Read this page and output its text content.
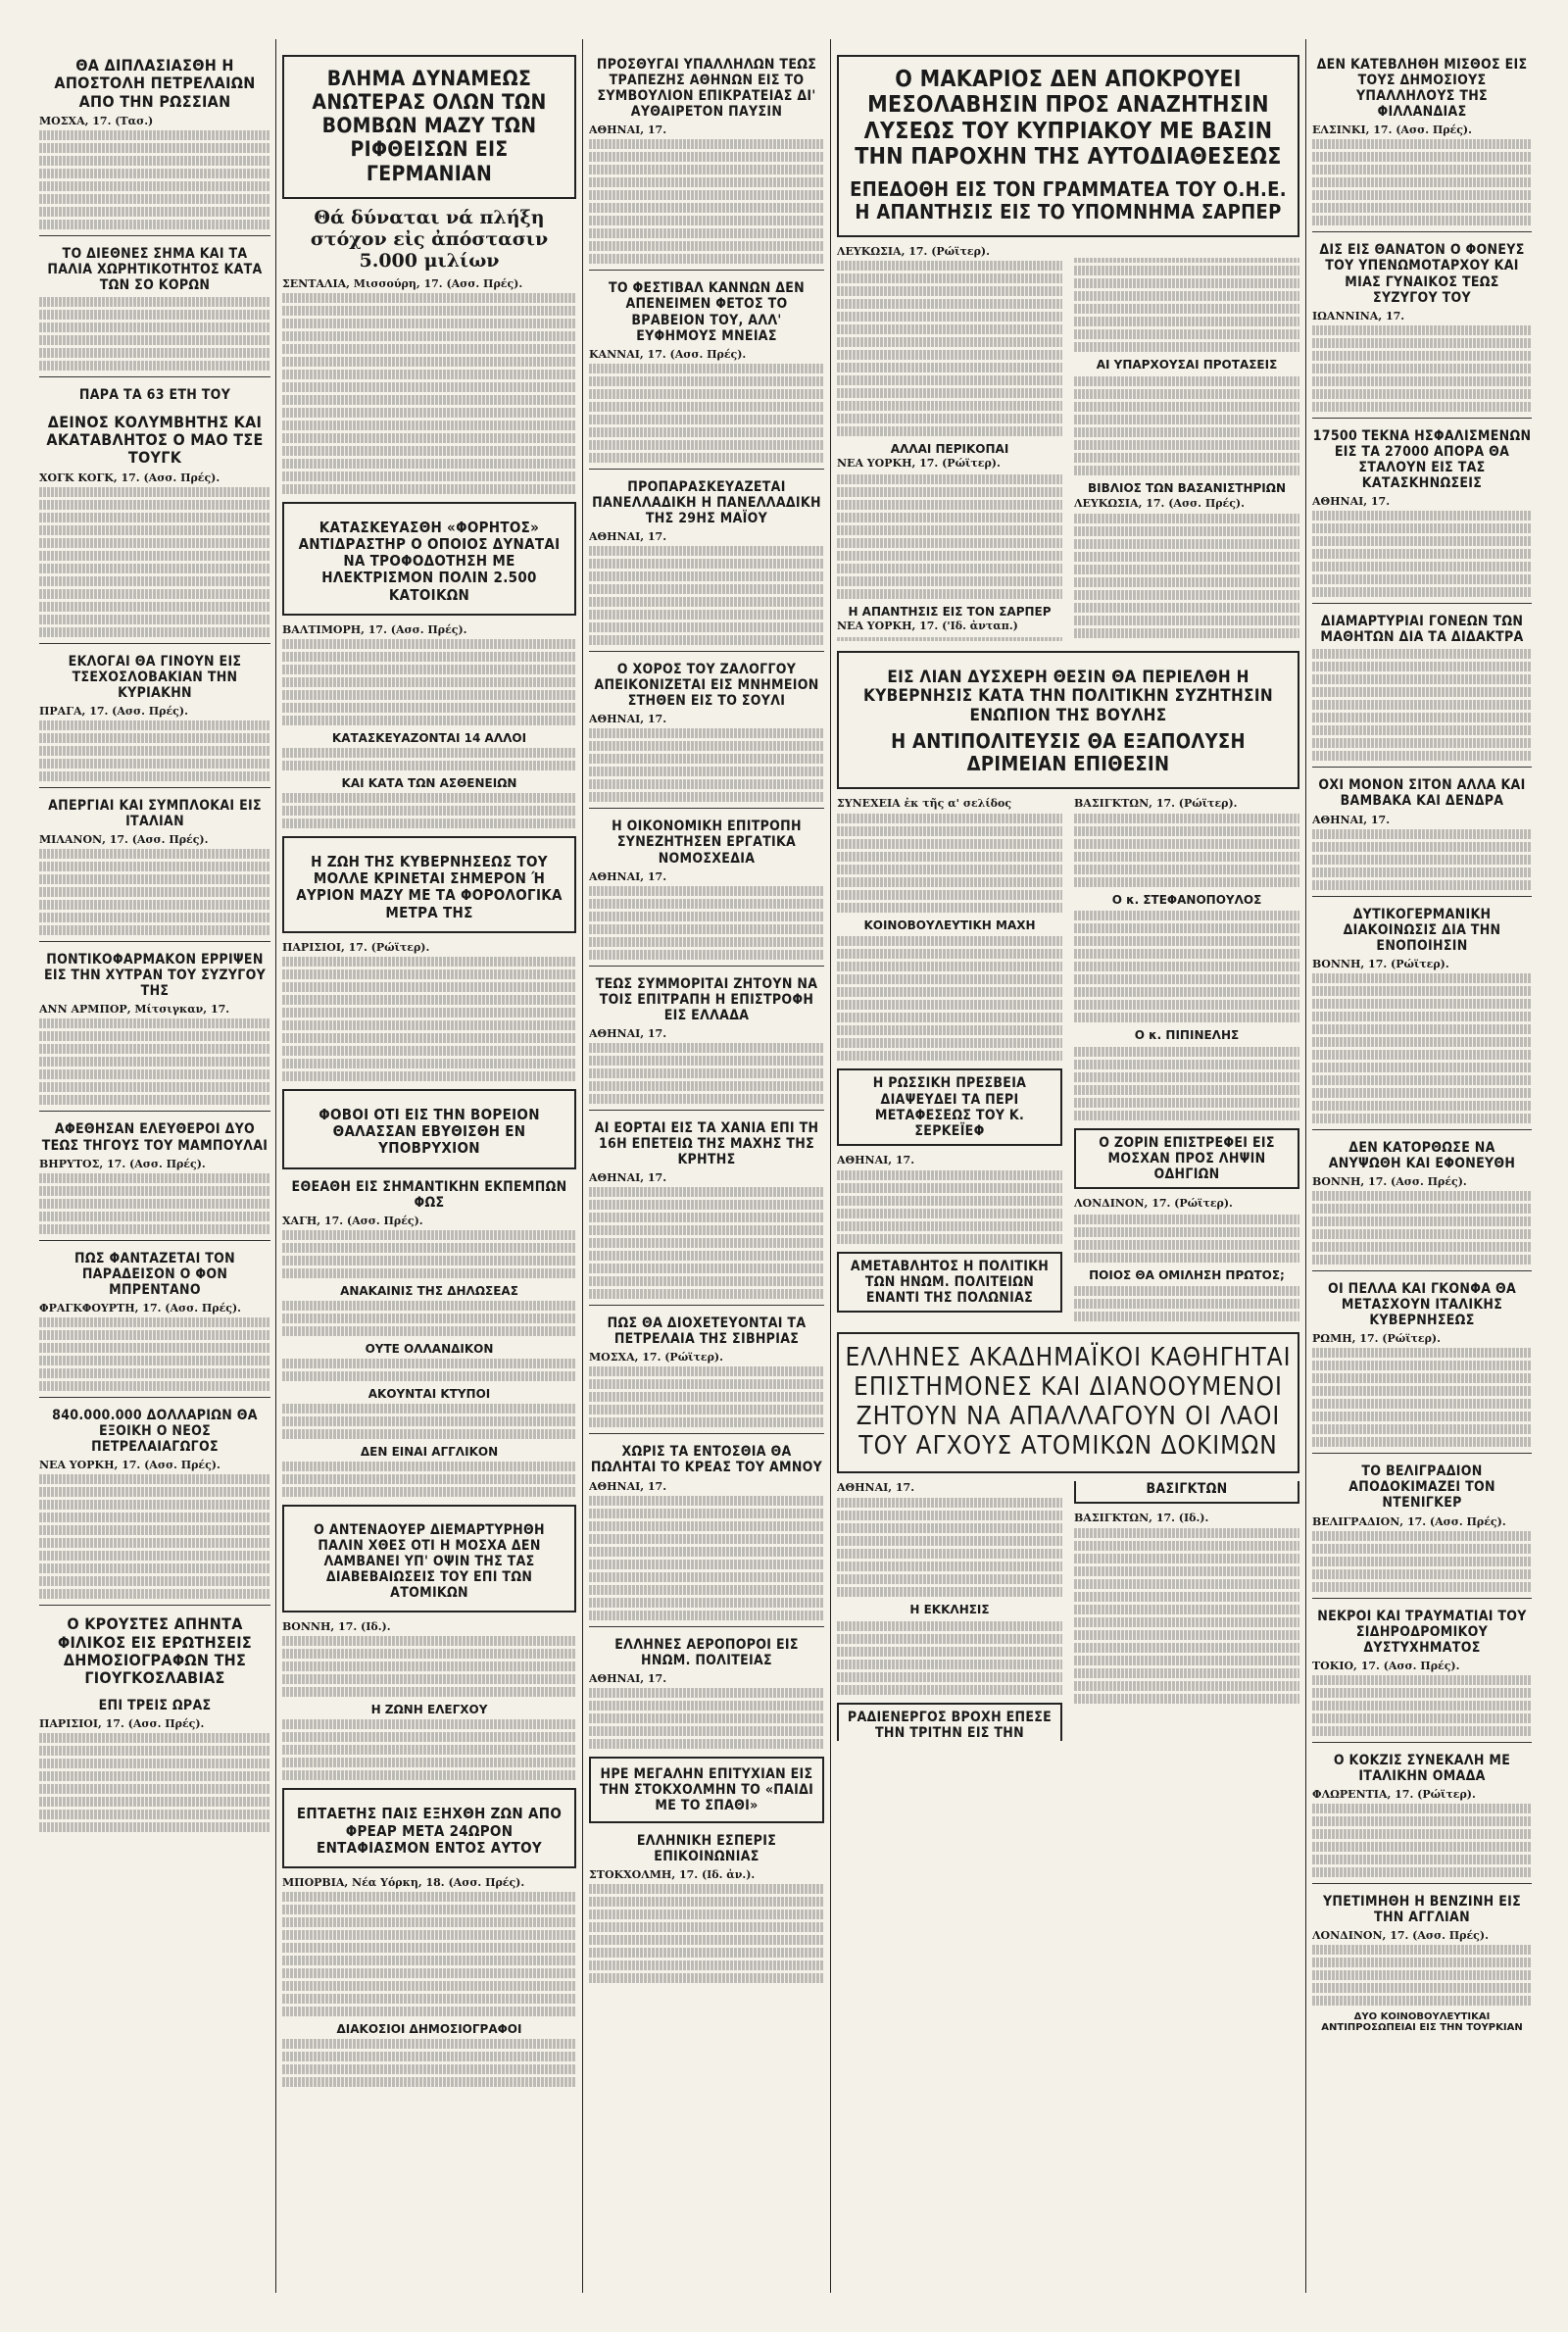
ΘΑ ΔΙΠΛΑΣΙΑΣΘΗ Η ΑΠΟΣΤΟΛΗ ΠΕΤΡΕΛΑΙΩΝ ΑΠΟ ΤΗΝ ΡΩΣΣΙΑΝ
ΜΟΣΧΑ, 17. (Τασ.)
ΤΟ ΔΙΕΘΝΕΣ ΣΗΜΑ ΚΑΙ ΤΑ ΠΑΛΙΑ ΧΩΡΗΤΙΚΟΤΗΤΟΣ ΚΑΤΑ ΤΩΝ ΣΟ ΚΟΡΩΝ
ΠΑΡΑ ΤΑ 63 ΕΤΗ ΤΟΥ
ΔΕΙΝΟΣ ΚΟΛΥΜΒΗΤΗΣ ΚΑΙ ΑΚΑΤΑΒΛΗΤΟΣ Ο ΜΑΟ ΤΣΕ ΤΟΥΓΚ
ΧΟΓΚ ΚΟΓΚ, 17. (Ασσ. Πρές).
ΕΚΛΟΓΑΙ ΘΑ ΓΙΝΟΥΝ ΕΙΣ ΤΣΕΧΟΣΛΟΒΑΚΙΑΝ ΤΗΝ ΚΥΡΙΑΚΗΝ
ΠΡΑΓΑ, 17. (Ασσ. Πρές).
ΑΠΕΡΓΙΑΙ ΚΑΙ ΣΥΜΠΛΟΚΑΙ ΕΙΣ ΙΤΑΛΙΑΝ
ΜΙΛΑΝΟΝ, 17. (Ασσ. Πρές).
ΠΟΝΤΙΚΟΦΑΡΜΑΚΟΝ ΕΡΡΙΨΕΝ ΕΙΣ ΤΗΝ ΧΥΤΡΑΝ ΤΟΥ ΣΥΖΥΓΟΥ ΤΗΣ
ΑΝΝ ΑΡΜΠΟΡ, Μίτσιγκαν, 17.
ΑΦΕΘΗΣΑΝ ΕΛΕΥΘΕΡΟΙ ΔΥΟ ΤΕΩΣ ΤΗΓΟΥΣ ΤΟΥ ΜΑΜΠΟΥΛΑΙ
ΒΗΡΥΤΟΣ, 17. (Ασσ. Πρές).
ΠΩΣ ΦΑΝΤΑΖΕΤΑΙ ΤΟΝ ΠΑΡΑΔΕΙΣΟΝ Ο ΦΟΝ ΜΠΡΕΝΤΑΝΟ
ΦΡΑΓΚΦΟΥΡΤΗ, 17. (Ασσ. Πρές).
840.000.000 ΔΟΛΛΑΡΙΩΝ ΘΑ ΕΞΟΙΚΗ Ο ΝΕΟΣ ΠΕΤΡΕΛΑΙΑΓΩΓΟΣ
ΝΕΑ ΥΟΡΚΗ, 17. (Ασσ. Πρές).
Ο ΚΡΟΥΣΤΕΣ ΑΠΗΝΤΑ ΦΙΛΙΚΟΣ ΕΙΣ ΕΡΩΤΗΣΕΙΣ ΔΗΜΟΣΙΟΓΡΑΦΩΝ ΤΗΣ ΓΙΟΥΓΚΟΣΛΑΒΙΑΣ
ΕΠΙ ΤΡΕΙΣ ΩΡΑΣ
ΠΑΡΙΣΙΟΙ, 17. (Ασσ. Πρές).
ΒΛΗΜΑ ΔΥΝΑΜΕΩΣ ΑΝΩΤΕΡΑΣ ΟΛΩΝ ΤΩΝ ΒΟΜΒΩΝ ΜΑΖΥ ΤΩΝ ΡΙΦΘΕΙΣΩΝ ΕΙΣ ΓΕΡΜΑΝΙΑΝ
Θά δύναται νά πλήξη στόχον εἰς ἀπόστασιν 5.000 μιλίων
ΣΕΝΤΑΛΙΑ, Μισσούρη, 17. (Ασσ. Πρές).
ΚΑΤΑΣΚΕΥΑΣΘΗ «ΦΟΡΗΤΟΣ» ΑΝΤΙΔΡΑΣΤΗΡ Ο ΟΠΟΙΟΣ ΔΥΝΑΤΑΙ ΝΑ ΤΡΟΦΟΔΟΤΗΣΗ ΜΕ ΗΛΕΚΤΡΙΣΜΟΝ ΠΟΛΙΝ 2.500 ΚΑΤΟΙΚΩΝ
ΒΑΛΤΙΜΟΡΗ, 17. (Ασσ. Πρές).
ΚΑΤΑΣΚΕΥΑΖΟΝΤΑΙ 14 ΑΛΛΟΙ
ΚΑΙ ΚΑΤΑ ΤΩΝ ΑΣΘΕΝΕΙΩΝ
Η ΖΩΗ ΤΗΣ ΚΥΒΕΡΝΗΣΕΩΣ ΤΟΥ ΜΟΛΛΕ ΚΡΙΝΕΤΑΙ ΣΗΜΕΡΟΝ Ή ΑΥΡΙΟΝ ΜΑΖΥ ΜΕ ΤΑ ΦΟΡΟΛΟΓΙΚΑ ΜΕΤΡΑ ΤΗΣ
ΠΑΡΙΣΙΟΙ, 17. (Ρώϊτερ).
ΦΟΒΟΙ ΟΤΙ ΕΙΣ ΤΗΝ ΒΟΡΕΙΟΝ ΘΑΛΑΣΣΑΝ ΕΒΥΘΙΣΘΗ ΕΝ ΥΠΟΒΡΥΧΙΟΝ
ΕΘΕΑΘΗ ΕΙΣ ΣΗΜΑΝΤΙΚΗΝ ΕΚΠΕΜΠΩΝ ΦΩΣ
ΧΑΓΗ, 17. (Ασσ. Πρές).
ΑΝΑΚΑΙΝΙΣ ΤΗΣ ΔΗΛΩΣΕΑΣ
ΟΥΤΕ ΟΛΛΑΝΔΙΚΟΝ
ΑΚΟΥΝΤΑΙ ΚΤΥΠΟΙ
ΔΕΝ ΕΙΝΑΙ ΑΓΓΛΙΚΟΝ
Ο ΑΝΤΕΝΑΟΥΕΡ ΔΙΕΜΑΡΤΥΡΗΘΗ ΠΑΛΙΝ ΧΘΕΣ ΟΤΙ Η ΜΟΣΧΑ ΔΕΝ ΛΑΜΒΑΝΕΙ ΥΠ' ΟΨΙΝ ΤΗΣ ΤΑΣ ΔΙΑΒΕΒΑΙΩΣΕΙΣ ΤΟΥ ΕΠΙ ΤΩΝ ΑΤΟΜΙΚΩΝ
ΒΟΝΝΗ, 17. (Ιδ.).
Η ΖΩΝΗ ΕΛΕΓΧΟΥ
ΕΠΤΑΕΤΗΣ ΠΑΙΣ ΕΞΗΧΘΗ ΖΩΝ ΑΠΟ ΦΡΕΑΡ ΜΕΤΑ 24ΩΡΟΝ ΕΝΤΑΦΙΑΣΜΟΝ ΕΝΤΟΣ ΑΥΤΟΥ
ΜΠΟΡΒΙΑ, Νέα Υόρκη, 18. (Ασσ. Πρές).
ΔΙΑΚΟΣΙΟΙ ΔΗΜΟΣΙΟΓΡΑΦΟΙ
ΠΡΟΣΘΥΓΑΙ ΥΠΑΛΛΗΛΩΝ ΤΕΩΣ ΤΡΑΠΕΖΗΣ ΑΘΗΝΩΝ ΕΙΣ ΤΟ ΣΥΜΒΟΥΛΙΟΝ ΕΠΙΚΡΑΤΕΙΑΣ ΔΙ' ΑΥΘΑΙΡΕΤΟΝ ΠΑΥΣΙΝ
ΑΘΗΝΑΙ, 17.
ΤΟ ΦΕΣΤΙΒΑΛ ΚΑΝΝΩΝ ΔΕΝ ΑΠΕΝΕΙΜΕΝ ΦΕΤΟΣ ΤΟ ΒΡΑΒΕΙΟΝ ΤΟΥ, ΑΛΛ' ΕΥΦΗΜΟΥΣ ΜΝΕΙΑΣ
ΚΑΝΝΑΙ, 17. (Ασσ. Πρές).
ΠΡΟΠΑΡΑΣΚΕΥΑΖΕΤΑΙ ΠΑΝΕΛΛΑΔΙΚΗ Η ΠΑΝΕΛΛΑΔΙΚΗ ΤΗΣ 29ΗΣ ΜΑΪΟΥ
ΑΘΗΝΑΙ, 17.
Ο ΧΟΡΟΣ ΤΟΥ ΖΑΛΟΓΓΟΥ ΑΠΕΙΚΟΝΙΖΕΤΑΙ ΕΙΣ ΜΝΗΜΕΙΟΝ ΣΤΗΘΕΝ ΕΙΣ ΤΟ ΣΟΥΛΙ
ΑΘΗΝΑΙ, 17.
Η ΟΙΚΟΝΟΜΙΚΗ ΕΠΙΤΡΟΠΗ ΣΥΝΕΖΗΤΗΣΕΝ ΕΡΓΑΤΙΚΑ ΝΟΜΟΣΧΕΔΙΑ
ΑΘΗΝΑΙ, 17.
ΤΕΩΣ ΣΥΜΜΟΡΙΤΑΙ ΖΗΤΟΥΝ ΝΑ ΤΟΙΣ ΕΠΙΤΡΑΠΗ Η ΕΠΙΣΤΡΟΦΗ ΕΙΣ ΕΛΛΑΔΑ
ΑΘΗΝΑΙ, 17.
ΑΙ ΕΟΡΤΑΙ ΕΙΣ ΤΑ ΧΑΝΙΑ ΕΠΙ ΤΗ 16Η ΕΠΕΤΕΙΩ ΤΗΣ ΜΑΧΗΣ ΤΗΣ ΚΡΗΤΗΣ
ΑΘΗΝΑΙ, 17.
ΠΩΣ ΘΑ ΔΙΟΧΕΤΕΥΟΝΤΑΙ ΤΑ ΠΕΤΡΕΛΑΙΑ ΤΗΣ ΣΙΒΗΡΙΑΣ
ΜΟΣΧΑ, 17. (Ρώϊτερ).
ΧΩΡΙΣ ΤΑ ΕΝΤΟΣΘΙΑ ΘΑ ΠΩΛΗΤΑΙ ΤΟ ΚΡΕΑΣ ΤΟΥ ΑΜΝΟΥ
ΑΘΗΝΑΙ, 17.
ΕΛΛΗΝΕΣ ΑΕΡΟΠΟΡΟΙ ΕΙΣ ΗΝΩΜ. ΠΟΛΙΤΕΙΑΣ
ΑΘΗΝΑΙ, 17.
ΗΡΕ ΜΕΓΑΛΗΝ ΕΠΙΤΥΧΙΑΝ ΕΙΣ ΤΗΝ ΣΤΟΚΧΟΛΜΗΝ ΤΟ «ΠΑΙΔΙ ΜΕ ΤΟ ΣΠΑΘΙ»
ΕΛΛΗΝΙΚΗ ΕΣΠΕΡΙΣ ΕΠΙΚΟΙΝΩΝΙΑΣ
ΣΤΟΚΧΟΛΜΗ, 17. (Ιδ. ἀν.).
Ο ΜΑΚΑΡΙΟΣ ΔΕΝ ΑΠΟΚΡΟΥΕΙ ΜΕΣΟΛΑΒΗΣΙΝ ΠΡΟΣ ΑΝΑΖΗΤΗΣΙΝ ΛΥΣΕΩΣ ΤΟΥ ΚΥΠΡΙΑΚΟΥ ΜΕ ΒΑΣΙΝ ΤΗΝ ΠΑΡΟΧΗΝ ΤΗΣ ΑΥΤΟΔΙΑΘΕΣΕΩΣ
ΕΠΕΔΟΘΗ ΕΙΣ ΤΟΝ ΓΡΑΜΜΑΤΕΑ ΤΟΥ Ο.Η.Ε. Η ΑΠΑΝΤΗΣΙΣ ΕΙΣ ΤΟ ΥΠΟΜΝΗΜΑ ΣΑΡΠΕΡ
ΛΕΥΚΩΣΙΑ, 17. (Ρώϊτερ).
ΑΛΛΑΙ ΠΕΡΙΚΟΠΑΙ
ΝΕΑ ΥΟΡΚΗ, 17. (Ρώϊτερ).
Η ΑΠΑΝΤΗΣΙΣ ΕΙΣ ΤΟΝ ΣΑΡΠΕΡ
ΝΕΑ ΥΟΡΚΗ, 17. ('Ιδ. ἀνταπ.)
ΑΙ ΥΠΑΡΧΟΥΣΑΙ ΠΡΟΤΑΣΕΙΣ
ΒΙΒΛΙΟΣ ΤΩΝ ΒΑΣΑΝΙΣΤΗΡΙΩΝ
ΛΕΥΚΩΣΙΑ, 17. (Ασσ. Πρές).
ΕΙΣ ΛΙΑΝ ΔΥΣΧΕΡΗ ΘΕΣΙΝ ΘΑ ΠΕΡΙΕΛΘΗ Η ΚΥΒΕΡΝΗΣΙΣ ΚΑΤΑ ΤΗΝ ΠΟΛΙΤΙΚΗΝ ΣΥΖΗΤΗΣΙΝ ΕΝΩΠΙΟΝ ΤΗΣ ΒΟΥΛΗΣ
Η ΑΝΤΙΠΟΛΙΤΕΥΣΙΣ ΘΑ ΕΞΑΠΟΛΥΣΗ ΔΡΙΜΕΙΑΝ ΕΠΙΘΕΣΙΝ
ΣΥΝΕΧΕΙΑ ἐκ τῆς α' σελίδος
ΚΟΙΝΟΒΟΥΛΕΥΤΙΚΗ ΜΑΧΗ
Η ΡΩΣΣΙΚΗ ΠΡΕΣΒΕΙΑ ΔΙΑΨΕΥΔΕΙ ΤΑ ΠΕΡΙ ΜΕΤΑΦΕΣΕΩΣ ΤΟΥ Κ. ΣΕΡΚΕΪΕΦ
ΑΘΗΝΑΙ, 17.
ΑΜΕΤΑΒΛΗΤΟΣ Η ΠΟΛΙΤΙΚΗ ΤΩΝ ΗΝΩΜ. ΠΟΛΙΤΕΙΩΝ ΕΝΑΝΤΙ ΤΗΣ ΠΟΛΩΝΙΑΣ
ΒΑΣΙΓΚΤΩΝ, 17. (Ρώϊτερ).
Ο κ. ΣΤΕΦΑΝΟΠΟΥΛΟΣ
Ο κ. ΠΙΠΙΝΕΛΗΣ
Ο ΖΟΡΙΝ ΕΠΙΣΤΡΕΦΕΙ ΕΙΣ ΜΟΣΧΑΝ ΠΡΟΣ ΛΗΨΙΝ ΟΔΗΓΙΩΝ
ΛΟΝΔΙΝΟΝ, 17. (Ρώϊτερ).
ΠΟΙΟΣ ΘΑ ΟΜΙΛΗΣΗ ΠΡΩΤΟΣ;
ΕΛΛΗΝΕΣ ΑΚΑΔΗΜΑΪΚΟΙ ΚΑΘΗΓΗΤΑΙ ΕΠΙΣΤΗΜΟΝΕΣ ΚΑΙ ΔΙΑΝΟΟΥΜΕΝΟΙ ΖΗΤΟΥΝ ΝΑ ΑΠΑΛΛΑΓΟΥΝ ΟΙ ΛΑΟΙ ΤΟΥ ΑΓΧΟΥΣ ΑΤΟΜΙΚΩΝ ΔΟΚΙΜΩΝ
ΑΘΗΝΑΙ, 17.
Η ΕΚΚΛΗΣΙΣ
ΡΑΔΙΕΝΕΡΓΟΣ ΒΡΟΧΗ ΕΠΕΣΕ ΤΗΝ ΤΡΙΤΗΝ ΕΙΣ ΤΗΝ ΒΑΣΙΓΚΤΩΝ
ΒΑΣΙΓΚΤΩΝ, 17. (Ιδ.).
ΔΕΝ ΚΑΤΕΒΛΗΘΗ ΜΙΣΘΟΣ ΕΙΣ ΤΟΥΣ ΔΗΜΟΣΙΟΥΣ ΥΠΑΛΛΗΛΟΥΣ ΤΗΣ ΦΙΛΛΑΝΔΙΑΣ
ΕΛΣΙΝΚΙ, 17. (Ασσ. Πρές).
ΔΙΣ ΕΙΣ ΘΑΝΑΤΟΝ Ο ΦΟΝΕΥΣ ΤΟΥ ΥΠΕΝΩΜΟΤΑΡΧΟΥ ΚΑΙ ΜΙΑΣ ΓΥΝΑΙΚΟΣ ΤΕΩΣ ΣΥΖΥΓΟΥ ΤΟΥ
ΙΩΑΝΝΙΝΑ, 17.
17500 ΤΕΚΝΑ ΗΣΦΑΛΙΣΜΕΝΩΝ ΕΙΣ ΤΑ 27000 ΑΠΟΡΑ ΘΑ ΣΤΑΛΟΥΝ ΕΙΣ ΤΑΣ ΚΑΤΑΣΚΗΝΩΣΕΙΣ
ΑΘΗΝΑΙ, 17.
ΔΙΑΜΑΡΤΥΡΙΑΙ ΓΟΝΕΩΝ ΤΩΝ ΜΑΘΗΤΩΝ ΔΙΑ ΤΑ ΔΙΔΑΚΤΡΑ
ΟΧΙ ΜΟΝΟΝ ΣΙΤΟΝ ΑΛΛΑ ΚΑΙ ΒΑΜΒΑΚΑ ΚΑΙ ΔΕΝΔΡΑ
ΑΘΗΝΑΙ, 17.
ΔΥΤΙΚΟΓΕΡΜΑΝΙΚΗ ΔΙΑΚΟΙΝΩΣΙΣ ΔΙΑ ΤΗΝ ΕΝΟΠΟΙΗΣΙΝ
ΒΟΝΝΗ, 17. (Ρώϊτερ).
ΔΕΝ ΚΑΤΟΡΘΩΣΕ ΝΑ ΑΝΥΨΩΘΗ ΚΑΙ ΕΦΟΝΕΥΘΗ
ΒΟΝΝΗ, 17. (Ασσ. Πρές).
ΟΙ ΠΕΛΛΑ ΚΑΙ ΓΚΟΝΦΑ ΘΑ ΜΕΤΑΣΧΟΥΝ ΙΤΑΛΙΚΗΣ ΚΥΒΕΡΝΗΣΕΩΣ
ΡΩΜΗ, 17. (Ρώϊτερ).
ΤΟ ΒΕΛΙΓΡΑΔΙΟΝ ΑΠΟΔΟΚΙΜΑΖΕΙ ΤΟΝ ΝΤΕΝΙΓΚΕΡ
ΒΕΛΙΓΡΑΔΙΟΝ, 17. (Ασσ. Πρές).
ΝΕΚΡΟΙ ΚΑΙ ΤΡΑΥΜΑΤΙΑΙ ΤΟΥ ΣΙΔΗΡΟΔΡΟΜΙΚΟΥ ΔΥΣΤΥΧΗΜΑΤΟΣ
ΤΟΚΙΟ, 17. (Ασσ. Πρές).
Ο ΚΟΚΖΙΣ ΣΥΝΕΚΑΛΗ ΜΕ ΙΤΑΛΙΚΗΝ ΟΜΑΔΑ
ΦΛΩΡΕΝΤΙΑ, 17. (Ρώϊτερ).
ΥΠΕΤΙΜΗΘΗ Η ΒΕΝΖΙΝΗ ΕΙΣ ΤΗΝ ΑΓΓΛΙΑΝ
ΛΟΝΔΙΝΟΝ, 17. (Ασσ. Πρές).
ΔΥΟ ΚΟΙΝΟΒΟΥΛΕΥΤΙΚΑΙ ΑΝΤΙΠΡΟΣΩΠΕΙΑΙ ΕΙΣ ΤΗΝ ΤΟΥΡΚΙΑΝ
